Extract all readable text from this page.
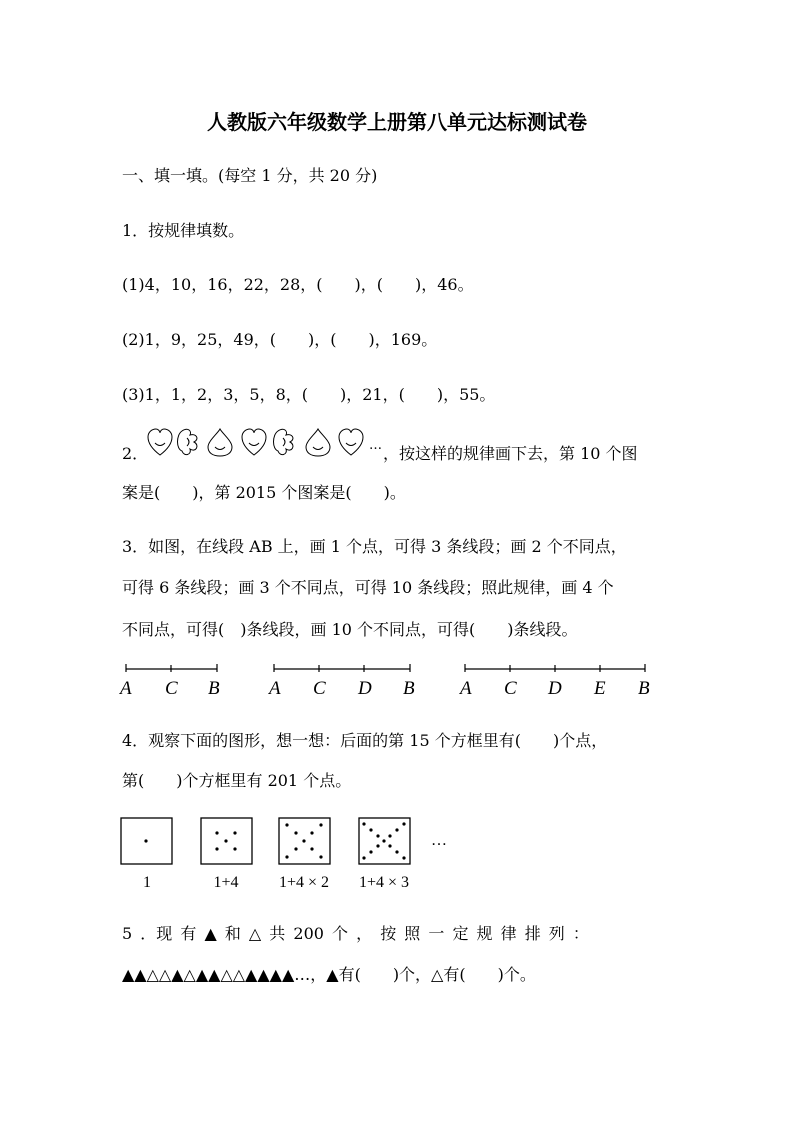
人教版六年级数学上册第八单元达标测试卷
一、填一填。(每空 1 分，共 20 分)
1．按规律填数。
(1)4，10，16，22，28，(　　)，(　　)，46。
(2)1，9，25，49，(　　)，(　　)，169。
(3)1，1，2，3，5，8，(　　)，21，(　　)，55。
2．	… ，按这样的规律画下去，第 10 个图
案是(　　)，第 2015 个图案是(　　)。
3．如图，在线段 AB 上，画 1 个点，可得 3 条线段；画 2 个不同点，
可得 6 条线段；画 3 个不同点，可得 10 条线段；照此规律，画 4 个
不同点，可得(　)条线段，画 10 个不同点，可得(　　)条线段。
A C B	A C D B A C D E B
4．观察下面的图形，想一想：后面的第 15 个方框里有(　　)个点，
第(　　)个方框里有 201 个点。
…
1	1+4	1+4 × 2 1+4 × 3
5 ．现 有 ▲ 和 △ 共 200 个 ， 按 照 一 定 规 律 排 列 ：
▲▲△△▲△▲▲△△▲▲▲▲…，▲有(　　)个，△有(　　)个。
